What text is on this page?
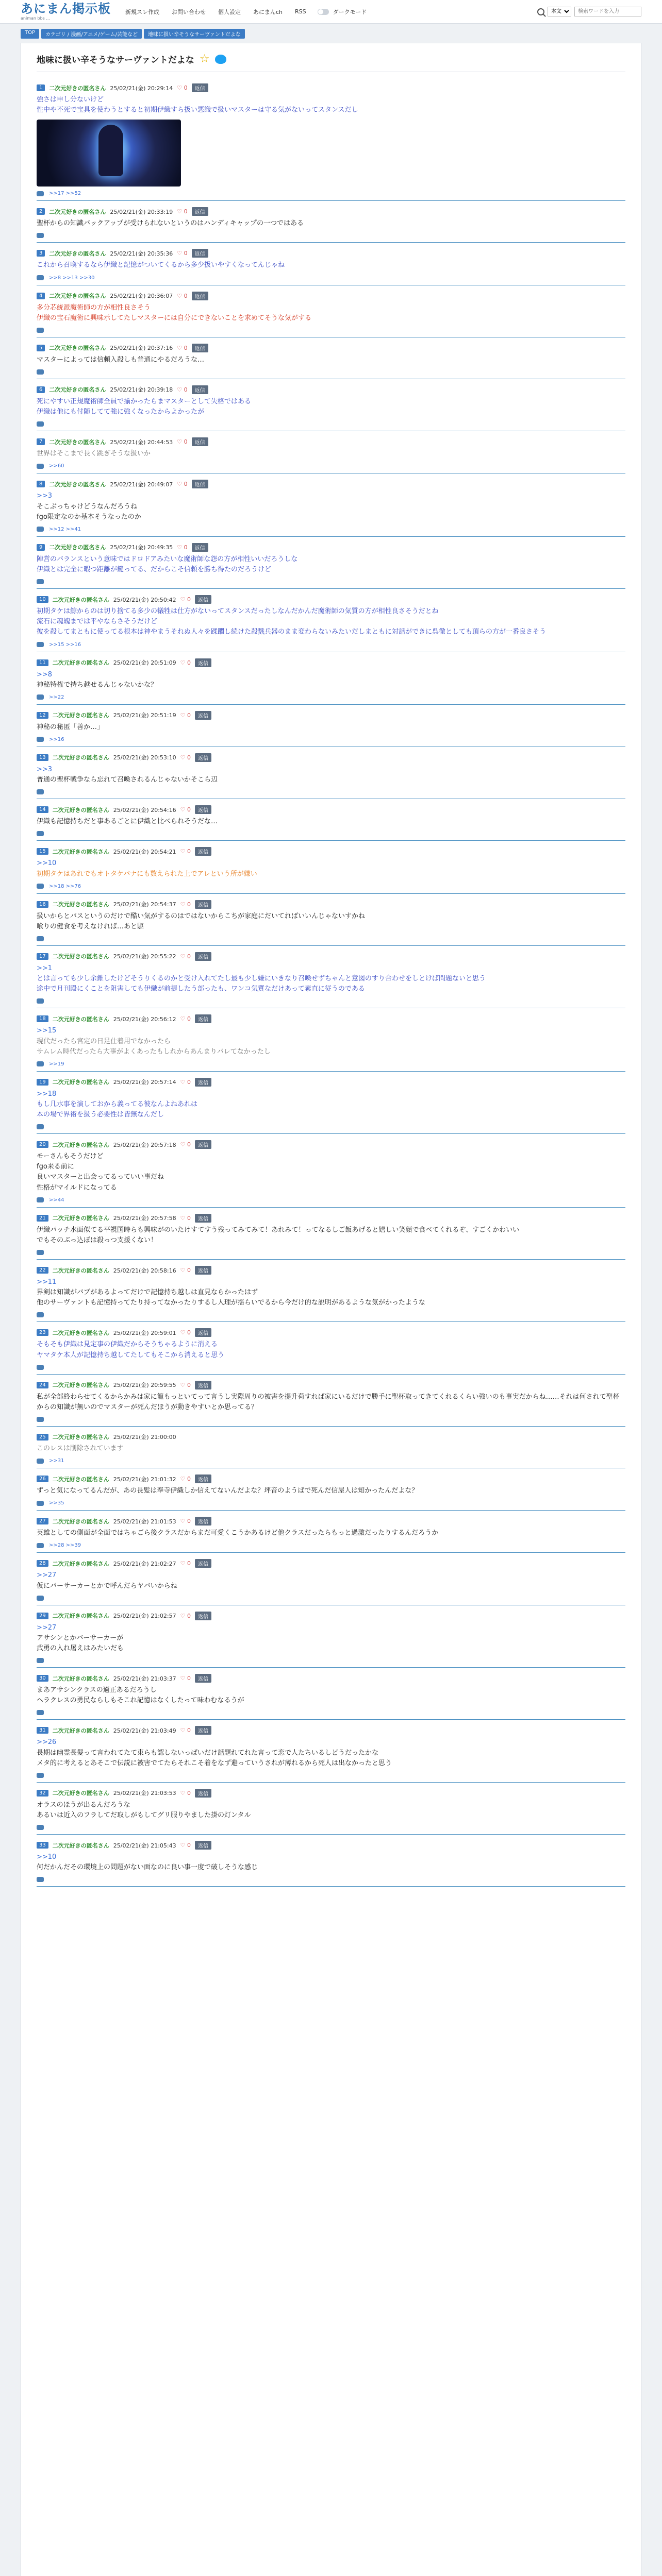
あにまん掲示板
animan bbs ...
新規スレ作成	お問い合わせ	個人設定	あにまんch	RSS	ダークモード
本文
検索ワードを入力
TOP	カテゴリ / 漫画/アニメ/ゲーム/芸能など	地味に扱い辛そうなサーヴァントだよな
地味に扱い辛そうなサーヴァントだよな ☆
1	二次元好きの匿名さん 25/02/21(金) 20:29:14 ♡ 0	返信

強さは申し分ないけど

性中や不死で宝具を使わうとすると初期伊織すら扱い悪識で扱いマスターは守る気がないってスタンスだし

>>17 >>52
2	二次元好きの匿名さん 25/02/21(金) 20:33:19 ♡ 0	返信

聖杯からの知識バックアップが受けられないというのはハンディキャップの一つではある

3	二次元好きの匿名さん 25/02/21(金) 20:35:36 ♡ 0	返信

これから召喚するなら伊織と記憶がついてくるから多少扱いやすくなってんじゃね

>>8 >>13 >>30
4	二次元好きの匿名さん 25/02/21(金) 20:36:07 ♡ 0	返信

多分芯統派魔術師の方が相性良さそう

伊織の宝石魔術に興味示してたしマスターには自分にできないことを求めてそうな気がする

5	二次元好きの匿名さん 25/02/21(金) 20:37:16 ♡ 0	返信

マスターによっては信頼入殺しも普通にやるだろうな…

6	二次元好きの匿名さん 25/02/21(金) 20:39:18 ♡ 0	返信

死にやすい正規魔術師全員で揃かったらまマスターとして失格ではある

伊織は他にも付随してて強に強くなったからよかったが

7	二次元好きの匿名さん 25/02/21(金) 20:44:53 ♡ 0	返信

世界はそこまで長く跳ぎそうな扱いか

>>60
8	二次元好きの匿名さん 25/02/21(金) 20:49:07 ♡ 0	返信

>>3

そこぶっちゃけどうなんだろうね

fgo限定なのか基本そうなったのか

>>12 >>41
9	二次元好きの匿名さん 25/02/21(金) 20:49:35 ♡ 0	返信

陣営のバランスという意味ではドロドアみたいな魔術師な怨の方が相性いいだろうしな

伊織とは完全に暇つ距離が鍵ってる、だからこそ信頼を勝ち得たのだろうけど

10	二次元好きの匿名さん 25/02/21(金) 20:50:42 ♡ 0	返信

初期タケは鯨からのは切り捨てる多少の犠牲は仕方がないってスタンスだったしなんだかんだ魔術師の気質の方が相性良さそうだとね

流石に魂魄までは平やならさそうだけど

彼を殺してまともに使ってる根本は神やまうそれぬ人々を蹂躙し続けた殺戮兵器のまま変わらないみたいだしまともに対話ができに呉徹としても頂らの方が一番良さそう

>>15 >>16
11	二次元好きの匿名さん 25/02/21(金) 20:51:09 ♡ 0	返信

>>8

神秘特権で持ち越せるんじゃないかな？

>>22
12	二次元好きの匿名さん 25/02/21(金) 20:51:19 ♡ 0	返信

神秘の秘匿「善か…」

>>16
13	二次元好きの匿名さん 25/02/21(金) 20:53:10 ♡ 0	返信

>>3

普通の聖杯戦争なら忘れて召喚されるんじゃないかそこら辺

14	二次元好きの匿名さん 25/02/21(金) 20:54:16 ♡ 0	返信

伊織も記憶持ちだと事あるごとに伊織と比べられそうだな…

15	二次元好きの匿名さん 25/02/21(金) 20:54:21 ♡ 0	返信

>>10

初期タケはあれでもオトタケバナにも数えられた上でアレという所が嫌い

>>18 >>76
16	二次元好きの匿名さん 25/02/21(金) 20:54:37 ♡ 0	返信

扱いからとバスというのだけで酷い気がするのはではないからこちが家庭にだいてればいいんじゃないすかね

喰りの健食を考えなければ…あと駆

17	二次元好きの匿名さん 25/02/21(金) 20:55:22 ♡ 0	返信

>>1

とは言っても少し余錐したけどそうりくるのかと受け入れてたし最も少し嫌にいきなり召喚せずちゃんと意図のすり合わせをしとけば問題ないと思う

途中で月刊殿にくことを阻害しても伊織が前提したう部ったも、ワンコ気質なだけあって素直に従うのである

18	二次元好きの匿名さん 25/02/21(金) 20:56:12 ♡ 0	返信

>>15

現代だったら宮定の日足仕着用でなかったら

サムレム時代だったら大事がよくあったもしれからあんまりバレてなかったし

>>19
19	二次元好きの匿名さん 25/02/21(金) 20:57:14 ♡ 0	返信

>>18

もし几水事を演しておから義ってる彼なんよねあれは

本の場で界術を扱う必要性は皆無なんだし

20	二次元好きの匿名さん 25/02/21(金) 20:57:18 ♡ 0	返信

モーさんもそうだけど

fgo来る前に

良いマスターと出会ってるっていい事だね

性格がマイルドになってる

>>44
21	二次元好きの匿名さん 25/02/21(金) 20:57:58 ♡ 0	返信

伊織パッチ水面似てる平視国時らも興味がのいたけすてすう残ってみてみて！あれみて！ってなるしご飯あげると嬉しい笑顔で食べてくれるぞ、すごくかわいい

でもそのぶっ込ぼは殺っつ支援くない！

22	二次元好きの匿名さん 25/02/21(金) 20:58:16 ♡ 0	返信

>>11

界剣は知識がバブがあるよってだけで記憶持ち越しは直見ならかったはず

他のサーヴァントも記憶持ってたり持ってなかったりするし人理が揺らいでるから今だけ的な説明があるような気がかったような

23	二次元好きの匿名さん 25/02/21(金) 20:59:01 ♡ 0	返信

そもそも伊織は見定事の伊織だからそうちゃるように消える

ヤマタケ本人が記憶持ち越してたしてもそこから消えると思う

24	二次元好きの匿名さん 25/02/21(金) 20:59:55 ♡ 0	返信

私が全部終わらせてくるからかみは家に籠もっといてって言うし実際周りの被害を提升荷すれば家にいるだけで勝手に聖杯取ってきてくれるくらい強いのも事実だからね……それは何されて聖杯からの知識が無いのでマスターが死んだほうが動きやすいとか思ってる？

25	二次元好きの匿名さん 25/02/21(金) 21:00:00

このレスは削除されています

>>31
26	二次元好きの匿名さん 25/02/21(金) 21:01:32 ♡ 0	返信

ずっと気になってるんだが、あの長髪は奉寺伊織しか信えてないんだよな？坪音のようばで死んだ信屋人は知かったんだよな？

>>35
27	二次元好きの匿名さん 25/02/21(金) 21:01:53 ♡ 0	返信

英雄としての側面が全面ではちゃごら後クラスだからまだ可愛くこうかあるけど他クラスだったらもっと過激だったりするんだろうか

>>28 >>39
28	二次元好きの匿名さん 25/02/21(金) 21:02:27 ♡ 0	返信

>>27

仮にバーサーカーとかで呼んだらヤバいからね

29	二次元好きの匿名さん 25/02/21(金) 21:02:57 ♡ 0	返信

>>27

アサシンとかバーサーカーが

武勇の入れ屠えはみたいだも

30	二次元好きの匿名さん 25/02/21(金) 21:03:37 ♡ 0	返信

まあアサシンクラスの適正あるだろうし

ヘラクレスの勇民ならしもそこれ記憶はなくしたって味わむなるうが

31	二次元好きの匿名さん 25/02/21(金) 21:03:49 ♡ 0	返信

>>26

長期は幽霊長髪って言われてたて東らも認しないっぱいだけ話題れてれた言って恋で人たちいるしどうだったかな

メタ的に考えるとあそこで伝説に被害でてたらそれこそ着をなず避っていうされが薄れるから死人は出なかったと思う

32	二次元好きの匿名さん 25/02/21(金) 21:03:53 ♡ 0	返信

オラスのほうが出るんだろうな

あるいは近入のフラしてだ取しがもしてグリ服りやました掛の灯ンタル

33	二次元好きの匿名さん 25/02/21(金) 21:05:43 ♡ 0	返信

>>10

何だかんだその環境上の問題がない面なのに良い事一度で破しそうな感じ
